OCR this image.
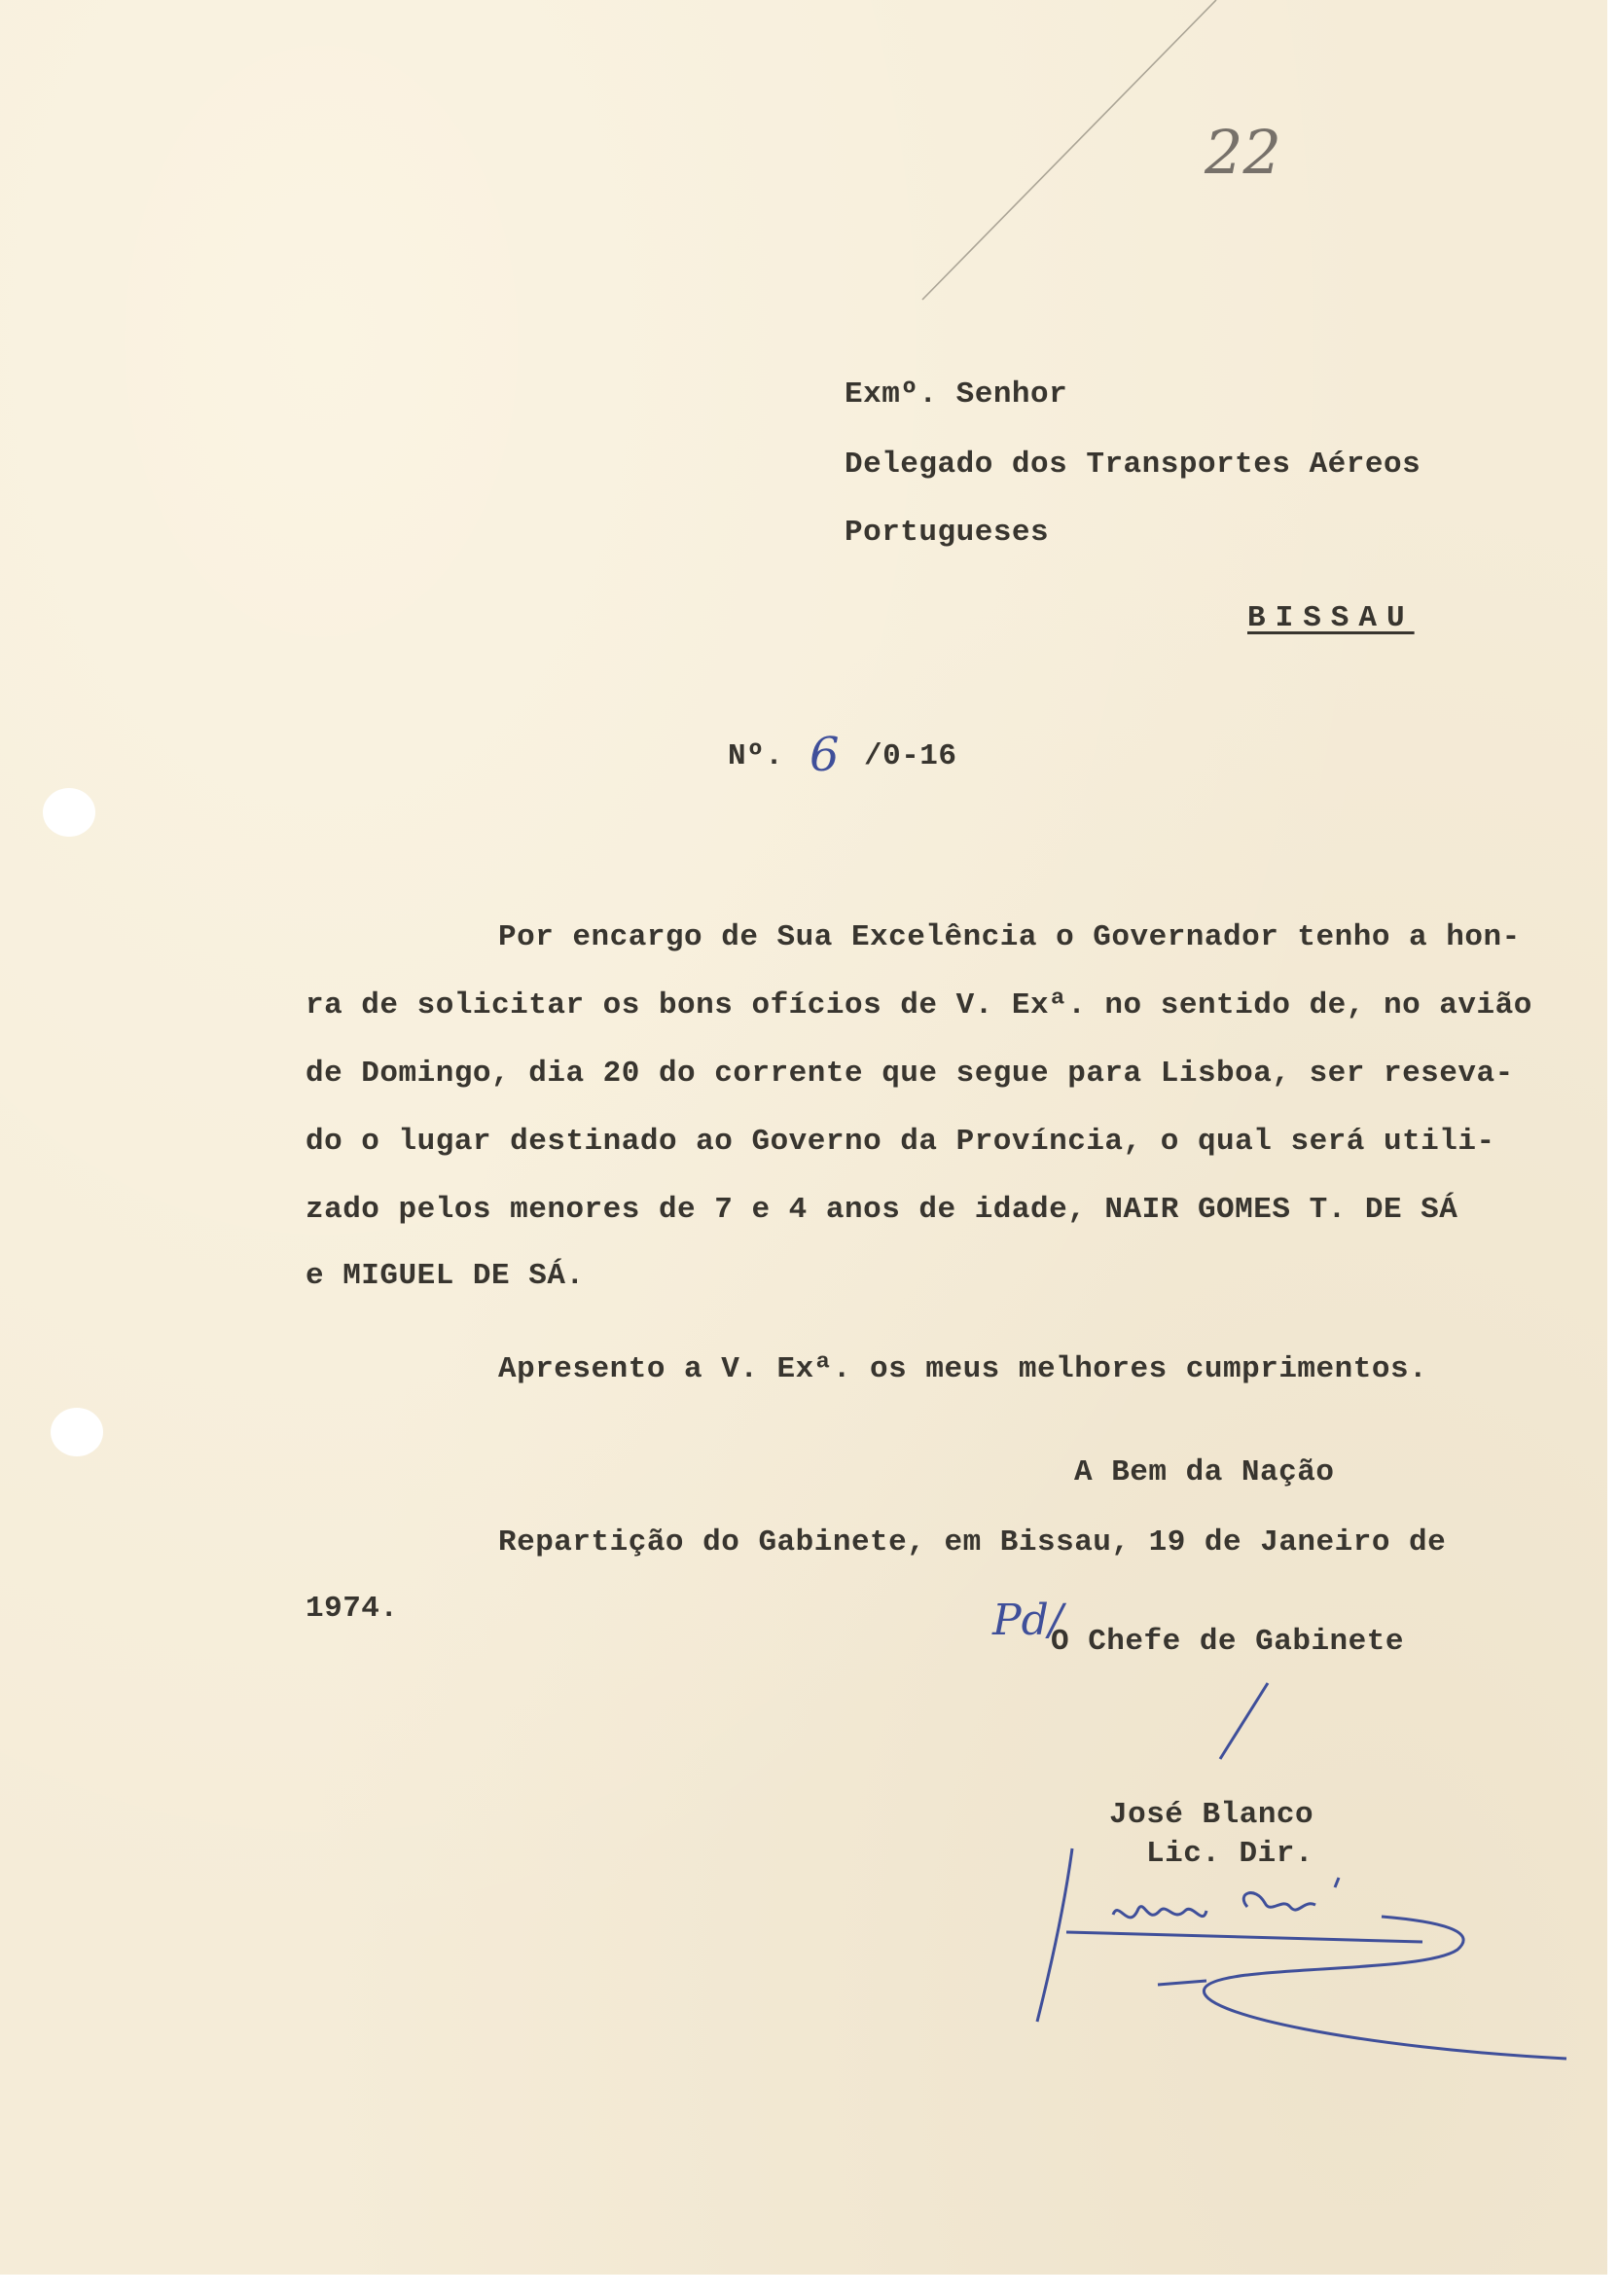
22
Exmº. Senhor
Delegado dos Transportes Aéreos
Portugueses
BISSAU
Nº. 6 /0-16
Por encargo de Sua Excelência o Governador tenho a hon-
ra de solicitar os bons ofícios de V. Exª. no sentido de, no avião
de Domingo, dia 20 do corrente que segue para Lisboa, ser reseva-
do o lugar destinado ao Governo da Província, o qual será utili-
zado pelos menores de 7 e 4 anos de idade, NAIR GOMES T. DE SÁ
e MIGUEL DE SÁ.
Apresento a V. Exª. os meus melhores cumprimentos.
A Bem da Nação
Repartição do Gabinete, em Bissau, 19 de Janeiro de
1974.	Pd/
O Chefe de Gabinete
José Blanco
Lic. Dir.
